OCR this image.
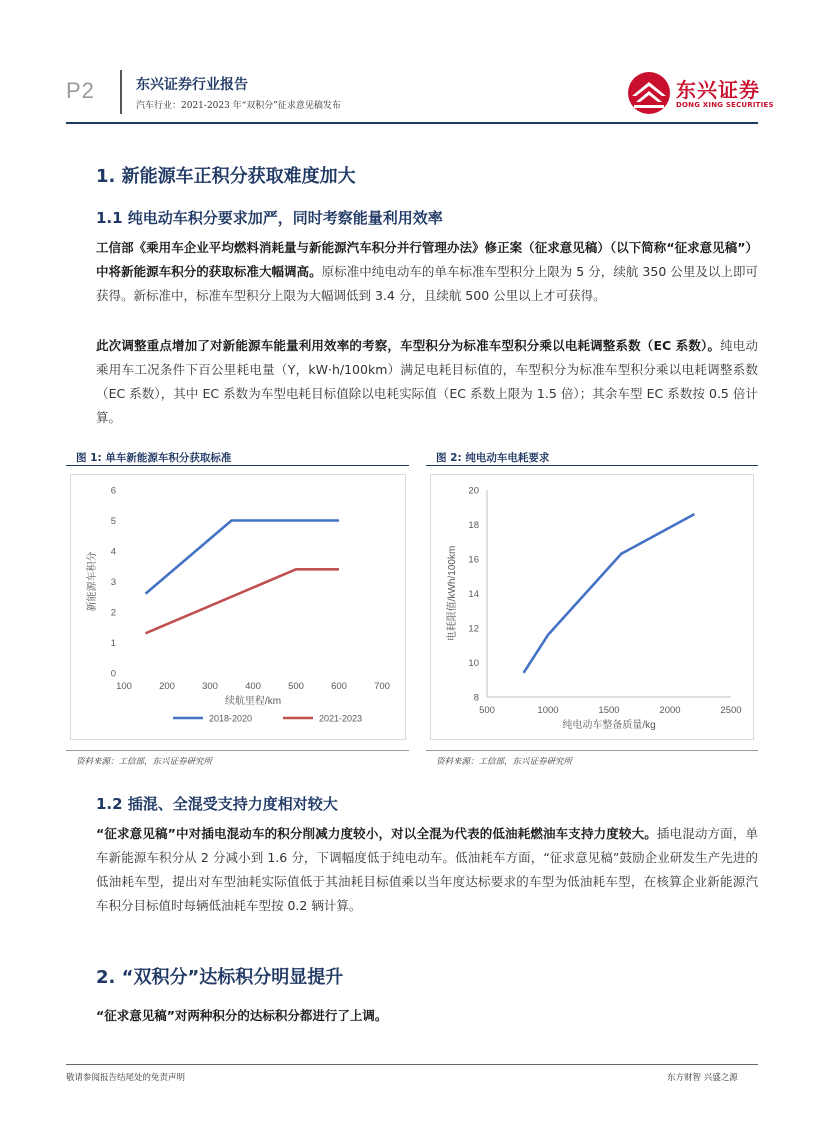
P2	东兴证券行业报告
汽车行业：2021-2023 年“双积分”征求意见稿发布
东兴证券
DONG XING SECURITIES
1. 新能源车正积分获取难度加大
1.1 纯电动车积分要求加严，同时考察能量利用效率
工信部《乘用车企业平均燃料消耗量与新能源汽车积分并行管理办法》修正案（征求意见稿）（以下简称“征求意见稿”）中将新能源车积分的获取标准大幅调高。原标准中纯电动车的单车标准车型积分上限为 5 分，续航 350 公里及以上即可获得。新标准中，标准车型积分上限为大幅调低到 3.4 分，且续航 500 公里以上才可获得。
此次调整重点增加了对新能源车能量利用效率的考察，车型积分为标准车型积分乘以电耗调整系数（EC 系数）。纯电动乘用车工况条件下百公里耗电量（Y，kW·h/100km）满足电耗目标值的，车型积分为标准车型积分乘以电耗调整系数（EC 系数），其中 EC 系数为车型电耗目标值除以电耗实际值（EC 系数上限为 1.5 倍）；其余车型 EC 系数按 0.5 倍计算。
图 1: 单车新能源车积分获取标准
0
1
2
3
4
5
6
100	200	300	400	500	600	700
续航里程/km
新能源车积分
2018-2020	2021-2023
资料来源：工信部，东兴证券研究所
图 2: 纯电动车电耗要求
8
10
12
14
16
18
20
500	1000	1500	2000	2500
纯电动车整备质量/kg
电耗限值/kWh/100km
资料来源：工信部，东兴证券研究所
1.2 插混、全混受支持力度相对较大
“征求意见稿”中对插电混动车的积分削减力度较小，对以全混为代表的低油耗燃油车支持力度较大。插电混动方面，单车新能源车积分从 2 分减小到 1.6 分，下调幅度低于纯电动车。低油耗车方面，“征求意见稿”鼓励企业研发生产先进的低油耗车型，提出对车型油耗实际值低于其油耗目标值乘以当年度达标要求的车型为低油耗车型，在核算企业新能源汽车积分目标值时每辆低油耗车型按 0.2 辆计算。
2. “双积分”达标积分明显提升
“征求意见稿”对两种积分的达标积分都进行了上调。
敬请参阅报告结尾处的免责声明	东方财智 兴盛之源
